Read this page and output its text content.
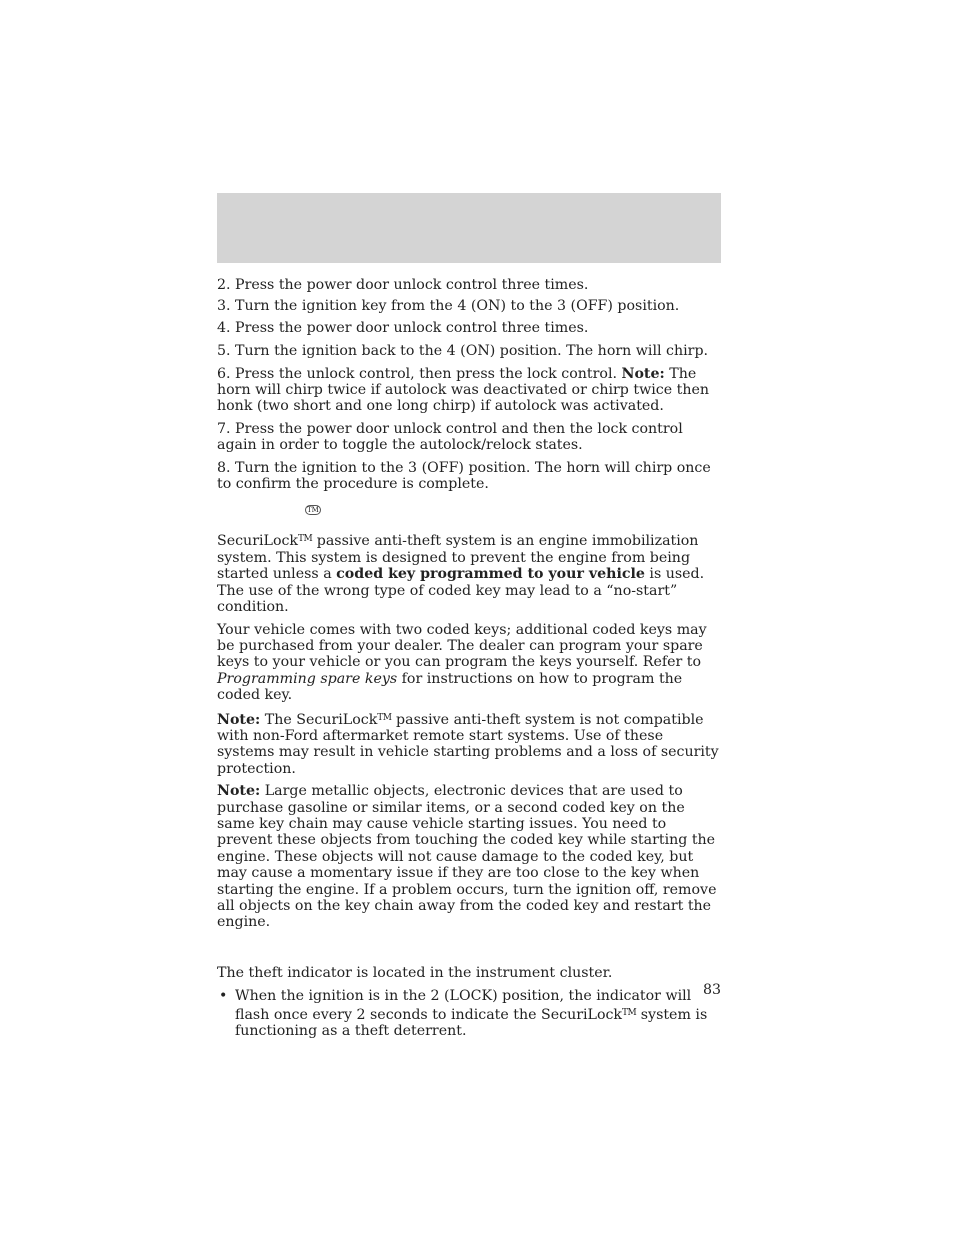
2. Press the power door unlock control three times.

3. Turn the ignition key from the 4 (ON) to the 3 (OFF) position.

4. Press the power door unlock control three times.

5. Turn the ignition back to the 4 (ON) position. The horn will chirp.

6. Press the unlock control, then press the lock control. Note: The horn will chirp twice if autolock was deactivated or chirp twice then honk (two short and one long chirp) if autolock was activated.

7. Press the power door unlock control and then the lock control again in order to toggle the autolock/relock states.

8. Turn the ignition to the 3 (OFF) position. The horn will chirp once to confirm the procedure is complete.

TM

SecuriLock™ passive anti-theft system is an engine immobilization system. This system is designed to prevent the engine from being started unless a coded key programmed to your vehicle is used. The use of the wrong type of coded key may lead to a “no-start” condition.

Your vehicle comes with two coded keys; additional coded keys may be purchased from your dealer. The dealer can program your spare keys to your vehicle or you can program the keys yourself. Refer to Programming spare keys for instructions on how to program the coded key.

Note: The SecuriLock™ passive anti-theft system is not compatible with non-Ford aftermarket remote start systems. Use of these systems may result in vehicle starting problems and a loss of security protection.

Note: Large metallic objects, electronic devices that are used to purchase gasoline or similar items, or a second coded key on the same key chain may cause vehicle starting issues. You need to prevent these objects from touching the coded key while starting the engine. These objects will not cause damage to the coded key, but may cause a momentary issue if they are too close to the key when starting the engine. If a problem occurs, turn the ignition off, remove all objects on the key chain away from the coded key and restart the engine.

The theft indicator is located in the instrument cluster.

• When the ignition is in the 2 (LOCK) position, the indicator will flash once every 2 seconds to indicate the SecuriLock™ system is functioning as a theft deterrent.

83
